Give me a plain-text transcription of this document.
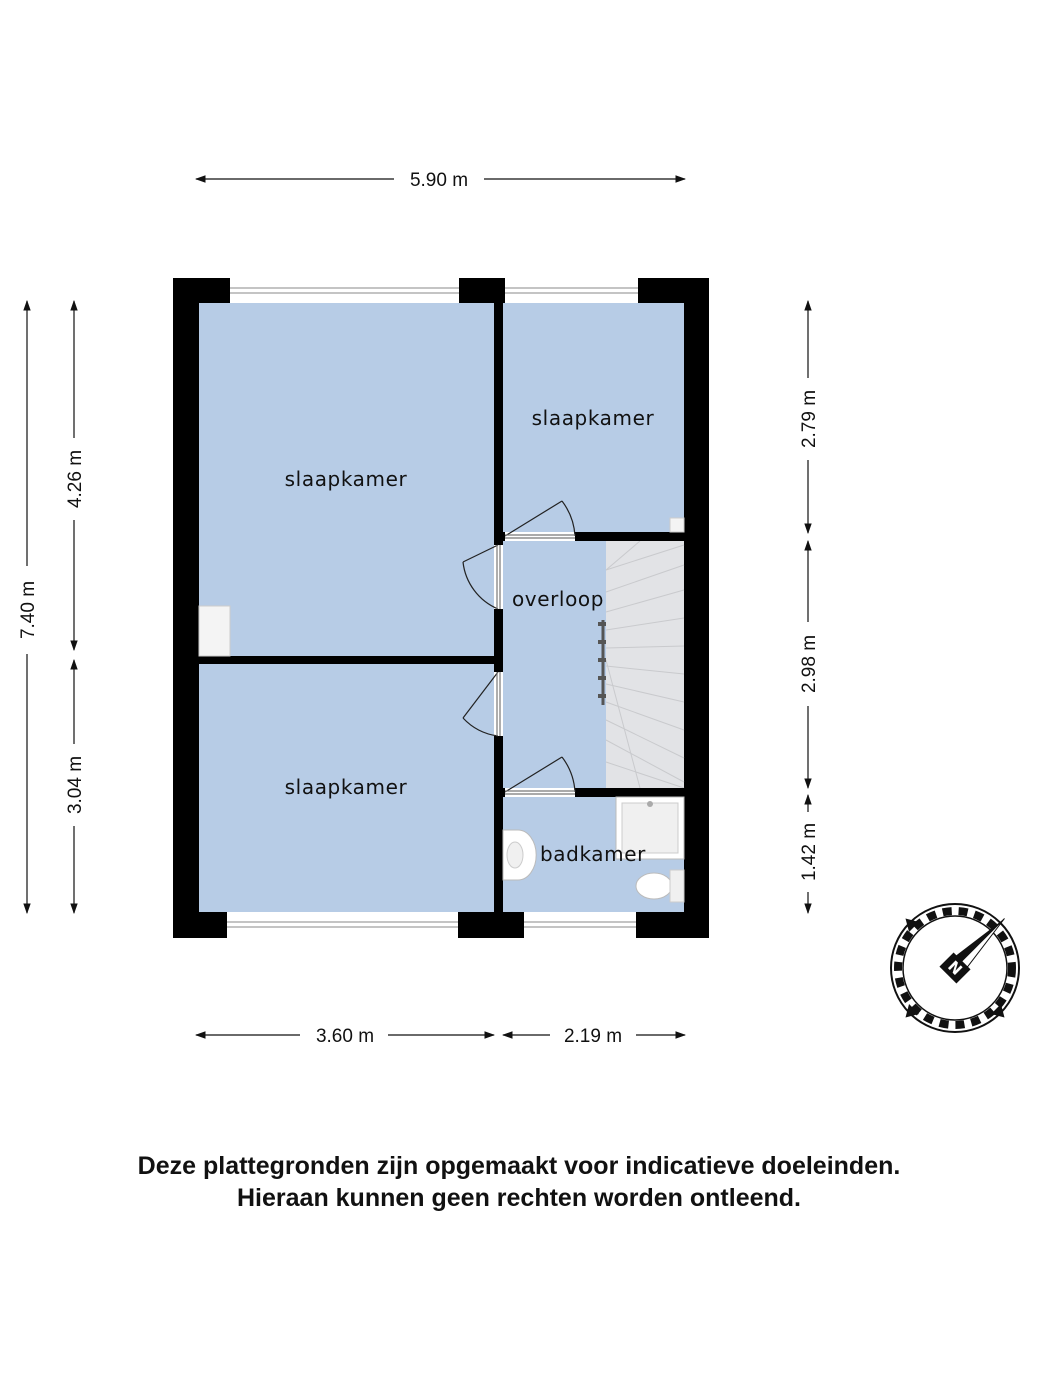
slaapkamer
slaapkamer
slaapkamer
overloop
badkamer
5.90 m
3.60 m	2.19 m
7.40 m
4.26 m
3.04 m
2.79 m
2.98 m
1.42 m
N
Deze plattegronden zijn opgemaakt voor indicatieve doeleinden.
Hieraan kunnen geen rechten worden ontleend.
